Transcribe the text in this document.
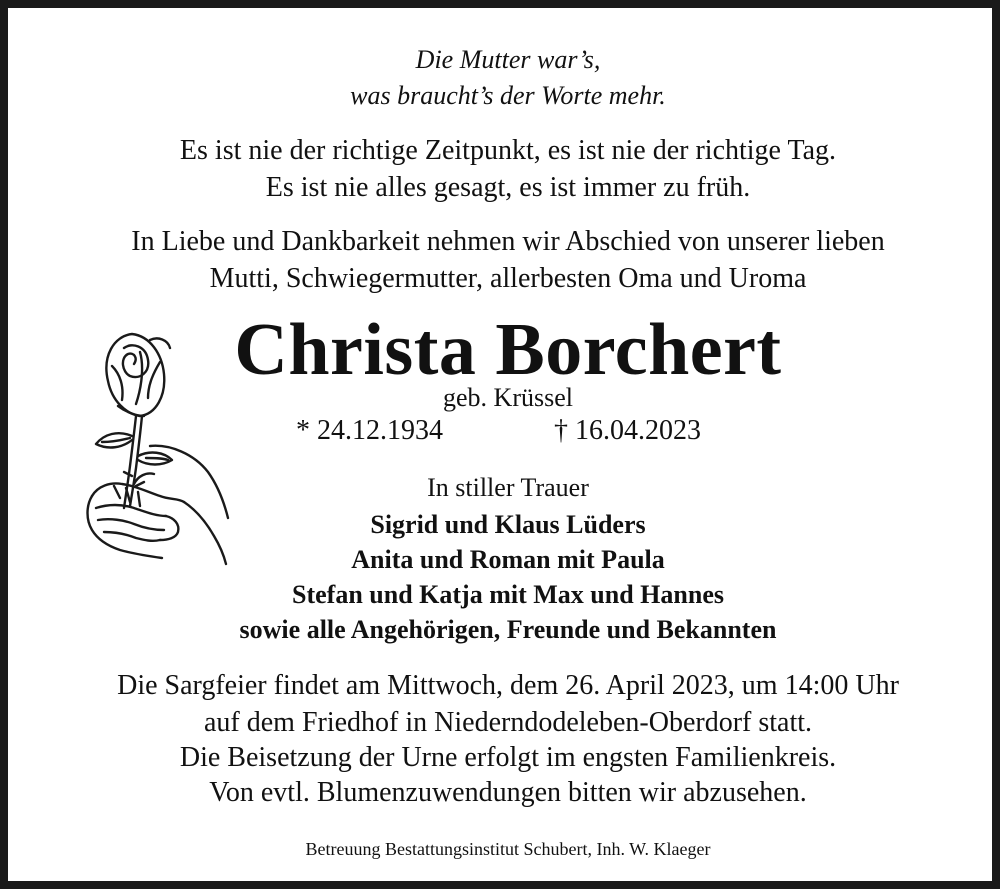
Die Mutter war’s,
was braucht’s der Worte mehr.
Es ist nie der richtige Zeitpunkt, es ist nie der richtige Tag.
Es ist nie alles gesagt, es ist immer zu früh.
In Liebe und Dankbarkeit nehmen wir Abschied von unserer lieben
Mutti, Schwiegermutter, allerbesten Oma und Uroma
Christa Borchert
geb. Krüssel
* 24.12.1934	† 16.04.2023
In stiller Trauer
Sigrid und Klaus Lüders
Anita und Roman mit Paula
Stefan und Katja mit Max und Hannes
sowie alle Angehörigen, Freunde und Bekannten
Die Sargfeier findet am Mittwoch, dem 26. April 2023, um 14:00 Uhr
auf dem Friedhof in Niederndodeleben-Oberdorf statt.
Die Beisetzung der Urne erfolgt im engsten Familienkreis.
Von evtl. Blumenzuwendungen bitten wir abzusehen.
Betreuung Bestattungsinstitut Schubert, Inh. W. Klaeger
